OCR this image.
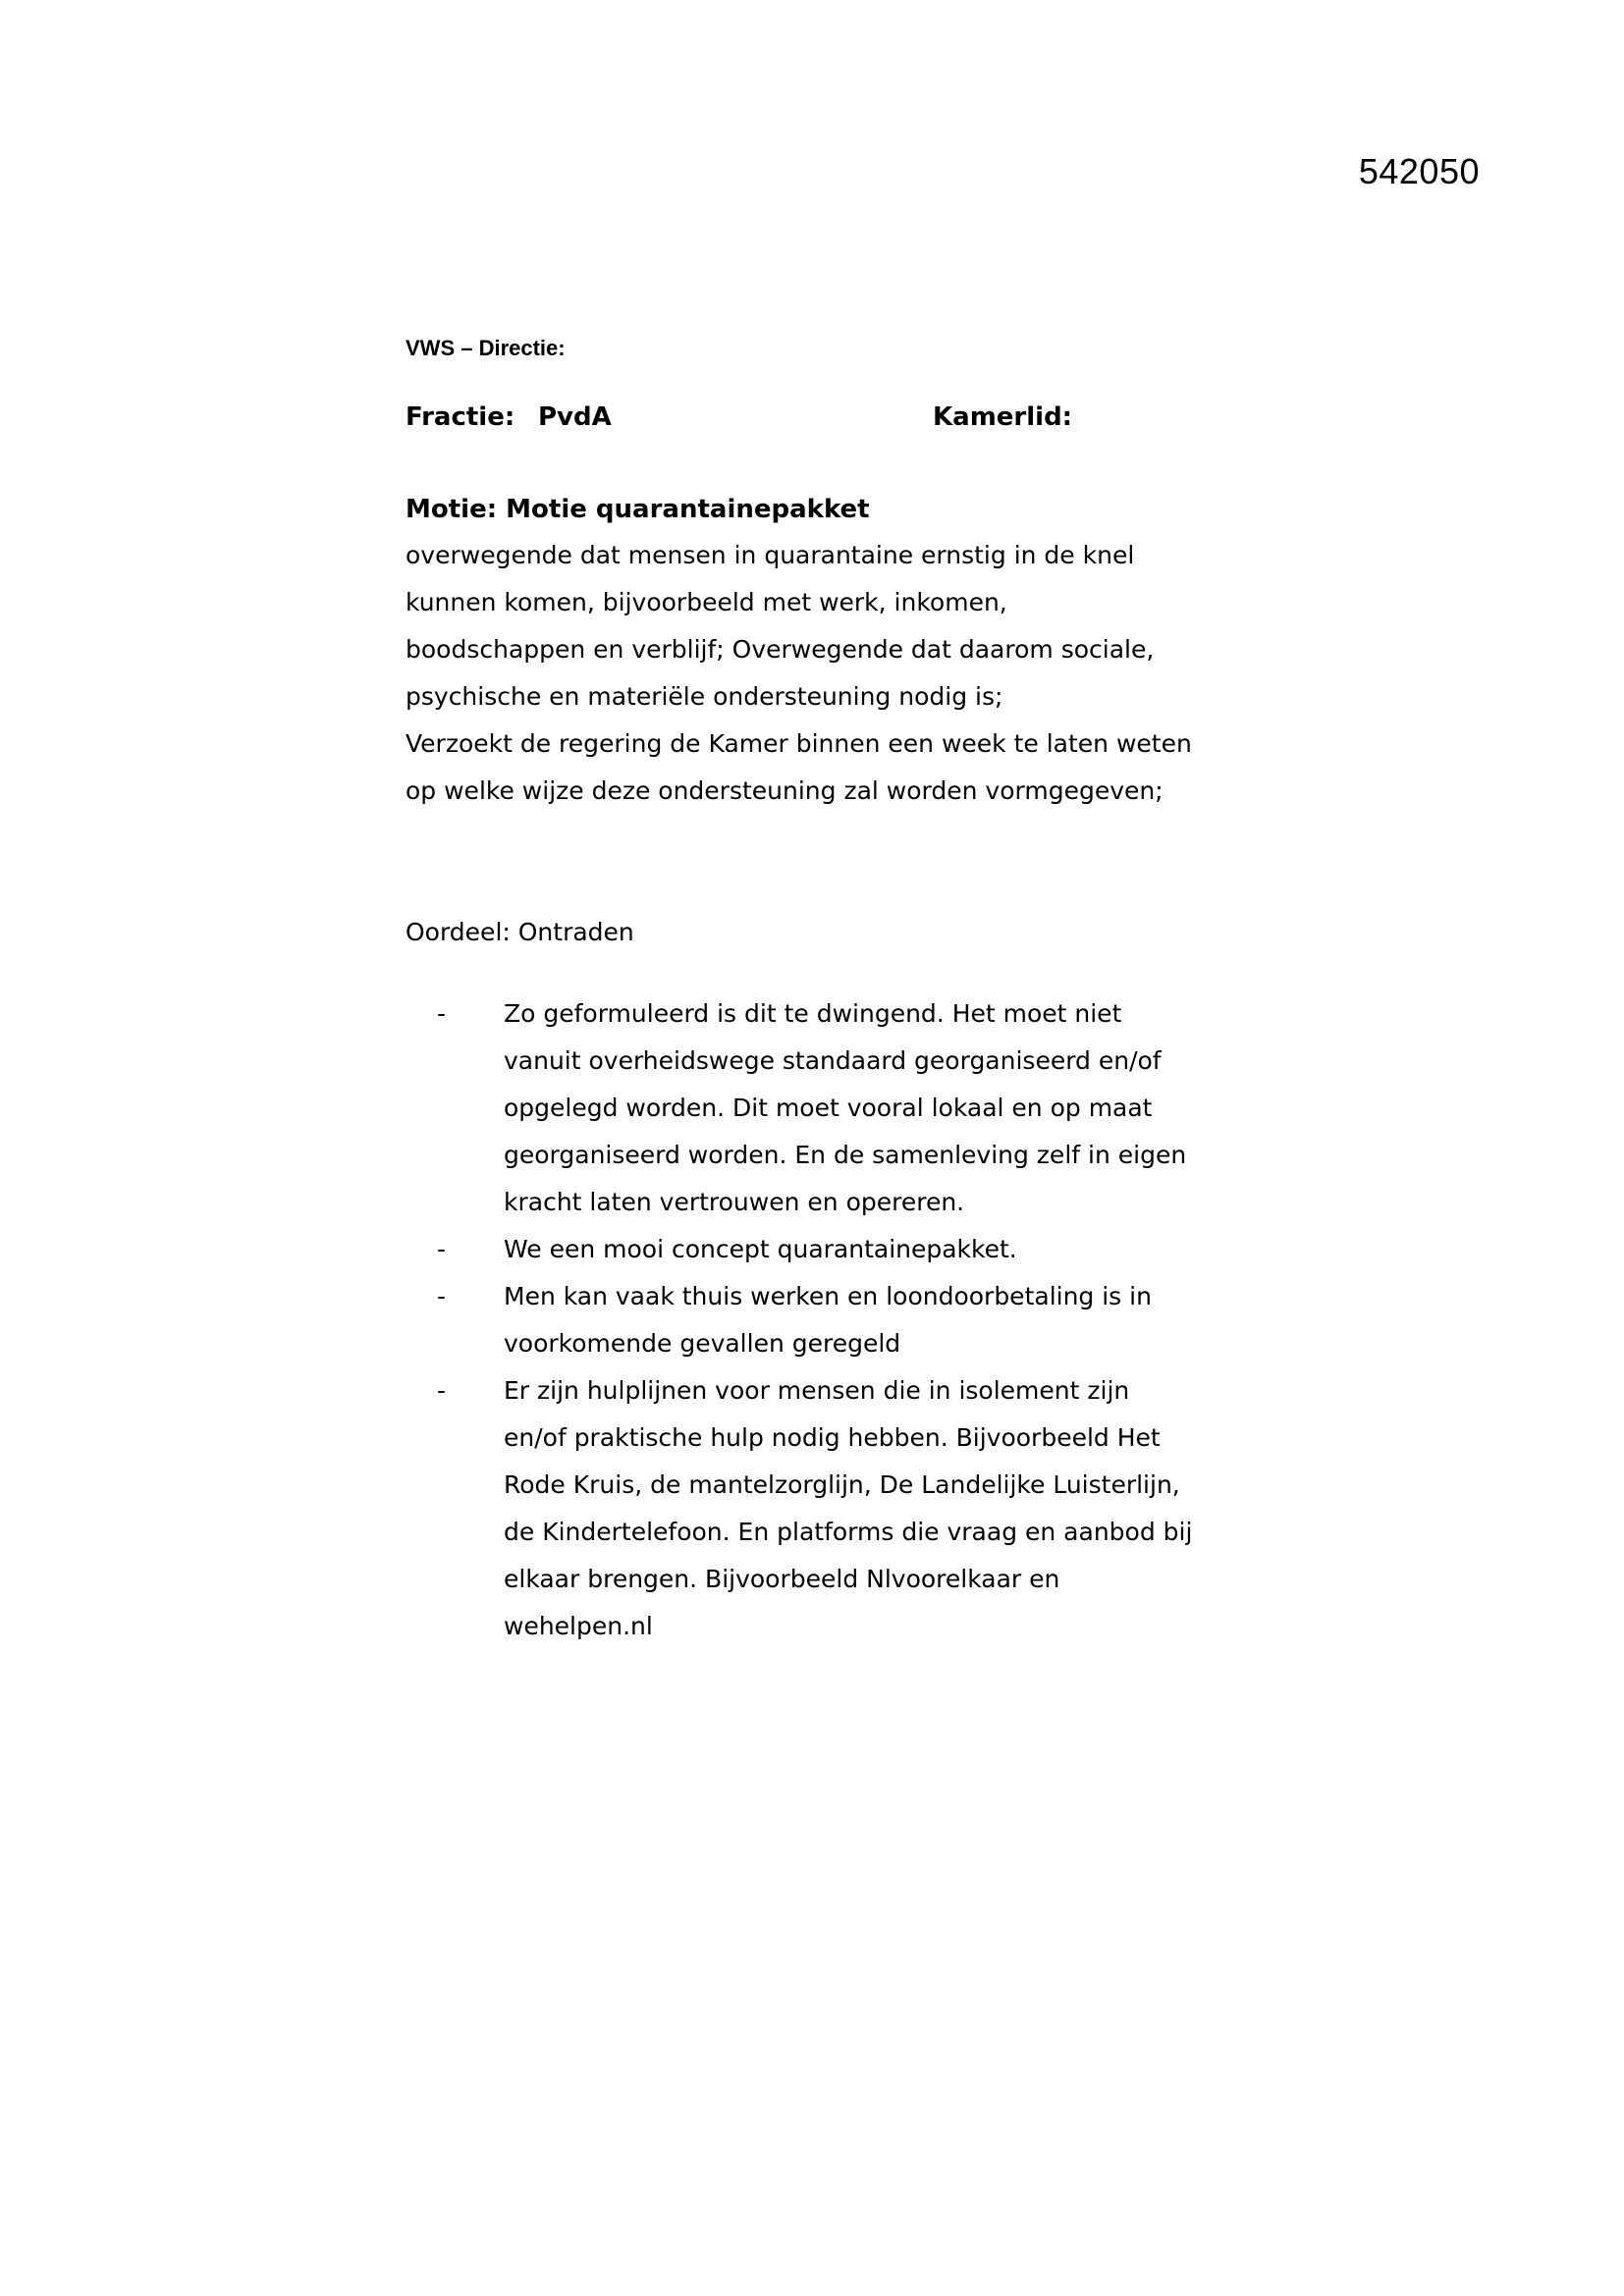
542050
VWS – Directie:
Fractie: PvdA	Kamerlid:
Motie: Motie quarantainepakket

overwegende dat mensen in quarantaine ernstig in de knel

kunnen komen, bijvoorbeeld met werk, inkomen,

boodschappen en verblijf; Overwegende dat daarom sociale,

psychische en materiële ondersteuning nodig is;

Verzoekt de regering de Kamer binnen een week te laten weten

op welke wijze deze ondersteuning zal worden vormgegeven;

Oordeel: Ontraden
- Zo geformuleerd is dit te dwingend. Het moet niet
vanuit overheidswege standaard georganiseerd en/of
opgelegd worden. Dit moet vooral lokaal en op maat
georganiseerd worden. En de samenleving zelf in eigen
kracht laten vertrouwen en opereren.
- We een mooi concept quarantainepakket.
- Men kan vaak thuis werken en loondoorbetaling is in
voorkomende gevallen geregeld
- Er zijn hulplijnen voor mensen die in isolement zijn
en/of praktische hulp nodig hebben. Bijvoorbeeld Het
Rode Kruis, de mantelzorglijn, De Landelijke Luisterlijn,
de Kindertelefoon. En platforms die vraag en aanbod bij
elkaar brengen. Bijvoorbeeld Nlvoorelkaar en
wehelpen.nl
